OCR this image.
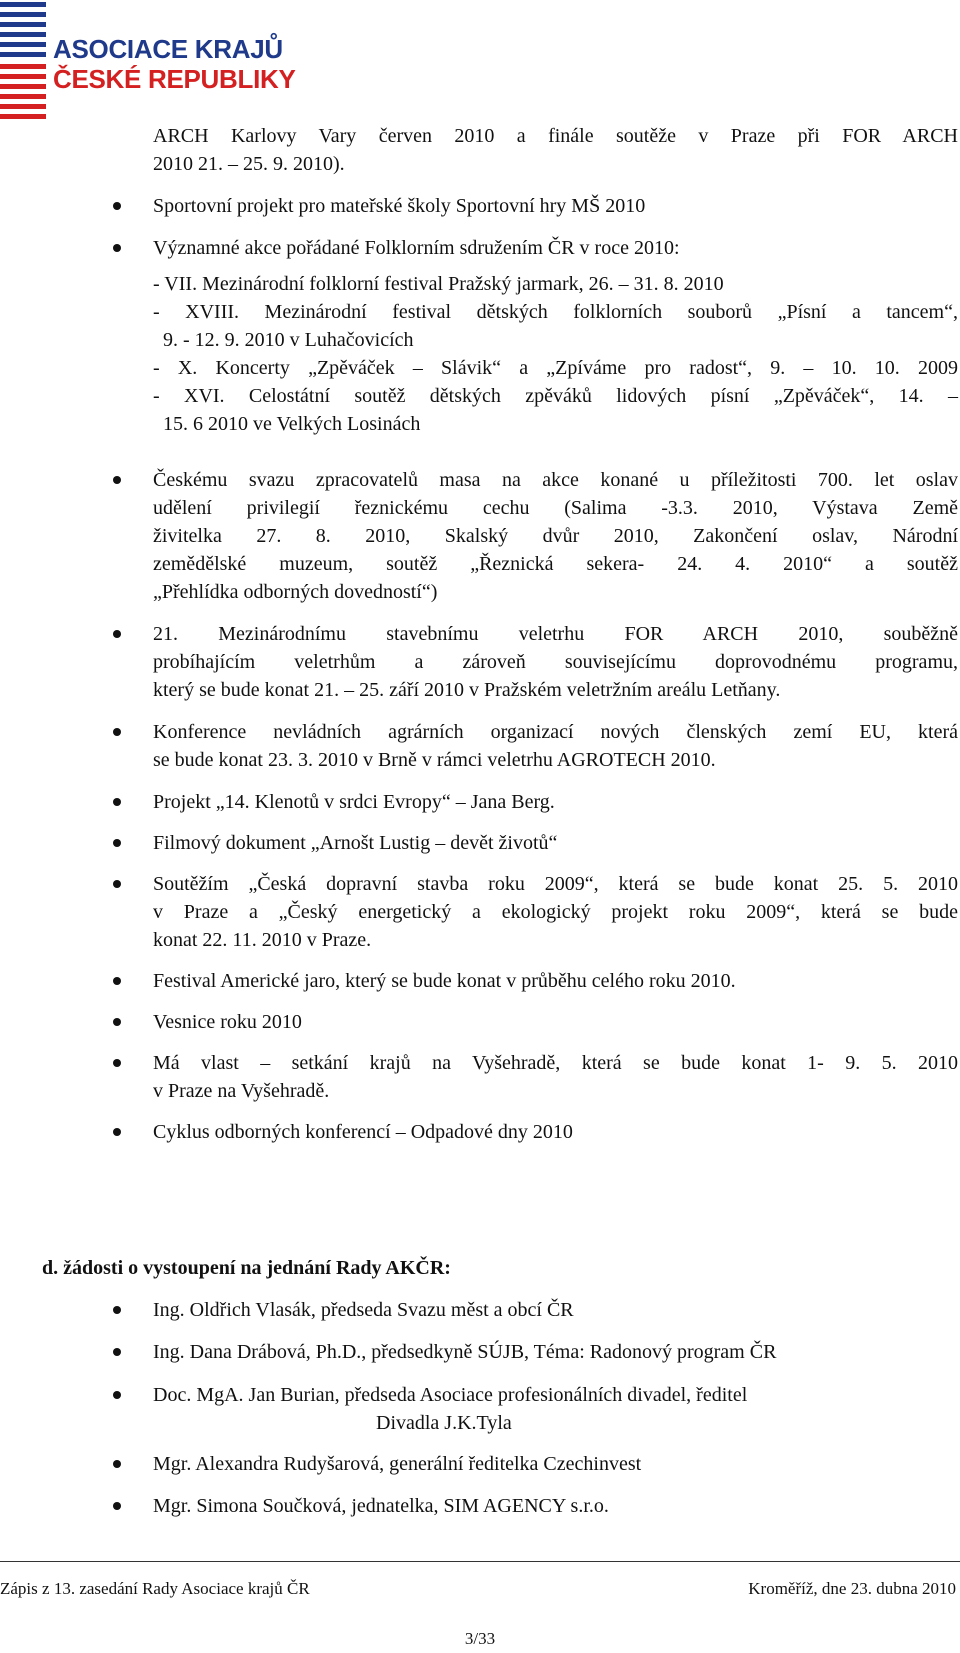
ASOCIACE KRAJŮ
ČESKÉ REPUBLIKY
ARCH Karlovy Vary červen 2010 a finále soutěže v Praze při FOR ARCH
2010 21. – 25. 9. 2010).
Sportovní projekt pro mateřské školy Sportovní hry MŠ 2010
Významné akce pořádané Folklorním sdružením ČR v roce 2010:
- VII. Mezinárodní folklorní festival Pražský jarmark, 26. – 31. 8. 2010
- XVIII. Mezinárodní festival dětských folklorních souborů „Písní a tancem“,
9. - 12. 9. 2010 v Luhačovicích
- X. Koncerty „Zpěváček – Slávik“ a „Zpíváme pro radost“, 9. – 10. 10. 2009
- XVI. Celostátní soutěž dětských zpěváků lidových písní „Zpěváček“, 14. –
15. 6 2010 ve Velkých Losinách
Českému svazu zpracovatelů masa na akce konané u příležitosti 700. let oslav
udělení privilegií řeznickému cechu (Salima -3.3. 2010, Výstava Země
živitelka 27. 8. 2010, Skalský dvůr 2010, Zakončení oslav, Národní
zemědělské muzeum, soutěž „Řeznická sekera- 24. 4. 2010“ a soutěž
„Přehlídka odborných dovedností“)
21. Mezinárodnímu stavebnímu veletrhu FOR ARCH 2010, souběžně
probíhajícím veletrhům a zároveň souvisejícímu doprovodnému programu,
který se bude konat 21. – 25. září 2010 v Pražském veletržním areálu Letňany.
Konference nevládních agrárních organizací nových členských zemí EU, která
se bude konat 23. 3. 2010 v Brně v rámci veletrhu AGROTECH 2010.
Projekt „14. Klenotů v srdci Evropy“ – Jana Berg.
Filmový dokument „Arnošt Lustig – devět životů“
Soutěžím „Česká dopravní stavba roku 2009“, která se bude konat 25. 5. 2010
v Praze a „Český energetický a ekologický projekt roku 2009“, která se bude
konat 22. 11. 2010 v Praze.
Festival Americké jaro, který se bude konat v průběhu celého roku 2010.
Vesnice roku 2010
Má vlast – setkání krajů na Vyšehradě, která se bude konat 1- 9. 5. 2010
v Praze na Vyšehradě.
Cyklus odborných konferencí – Odpadové dny 2010
d. žádosti o vystoupení na jednání Rady AKČR:
Ing. Oldřich Vlasák, předseda Svazu měst a obcí ČR
Ing. Dana Drábová, Ph.D., předsedkyně SÚJB, Téma: Radonový program ČR
Doc. MgA. Jan Burian, předseda Asociace profesionálních divadel, ředitel
Divadla J.K.Tyla
Mgr. Alexandra Rudyšarová, generální ředitelka Czechinvest
Mgr. Simona Součková, jednatelka, SIM AGENCY s.r.o.
Zápis z 13. zasedání Rady Asociace krajů ČR	Kroměříž, dne 23. dubna 2010
3/33
